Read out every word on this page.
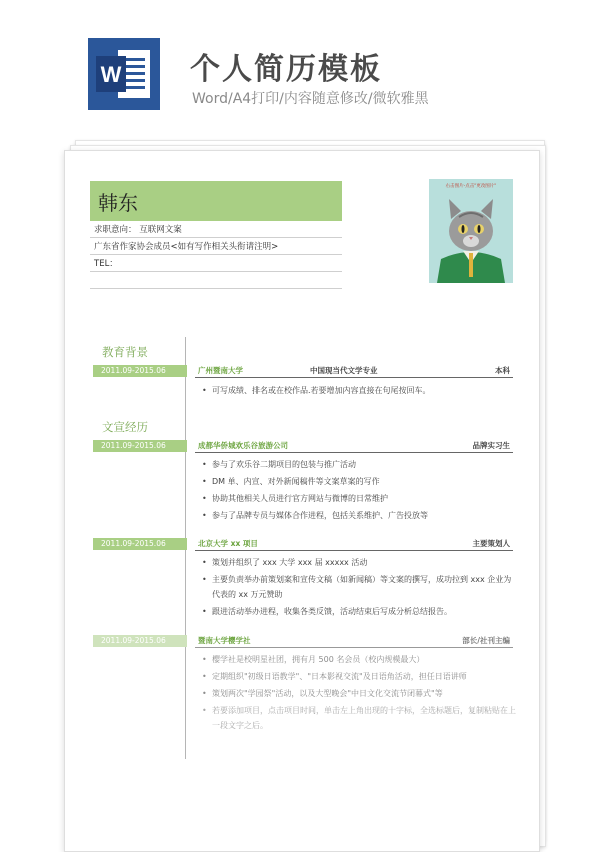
W 个人简历模板
Word/A4打印/内容随意修改/微软雅黑
韩东
求职意向： 互联网文案
广东省作家协会成员<如有写作相关头衔请注明>
TEL：
右击图片-点击"更改图片"
教育背景
2011.09-2015.06	广州暨南大学	中国现当代文学专业	本科
• 可写成绩、排名或在校作品.若要增加内容直接在句尾按回车。
文宣经历
2011.09-2015.06	成都华侨城欢乐谷旅游公司	品牌实习生
• 参与了欢乐谷二期项目的包装与推广活动
• DM 单、内宣、对外新闻稿件等文案草案的写作
• 协助其他相关人员进行官方网站与微博的日常维护
• 参与了品牌专员与媒体合作进程，包括关系维护、广告投放等
2011.09-2015.06	北京大学 xx 项目	主要策划人
• 策划并组织了 xxx 大学 xxx 届 xxxxx 活动
• 主要负责举办前策划案和宣传文稿（如新闻稿）等文案的撰写，成功拉到 xxx 企业为代表的 xx 万元赞助
• 跟进活动举办进程，收集各类反馈，活动结束后写成分析总结报告。
2011.09-2015.06	暨南大学樱学社	部长/社刊主编
• 樱学社是校明星社团，拥有月 500 名会员（校内规模最大）
• 定期组织"初级日语教学"、"日本影视交流"及日语角活动，担任日语讲师
• 策划两次"学园祭"活动，以及大型晚会"中日文化交流节闭幕式"等
• 若要添加项目，点击项目时间，单击左上角出现的十字标，全选标题后，复制粘贴在上一段文字之后。
